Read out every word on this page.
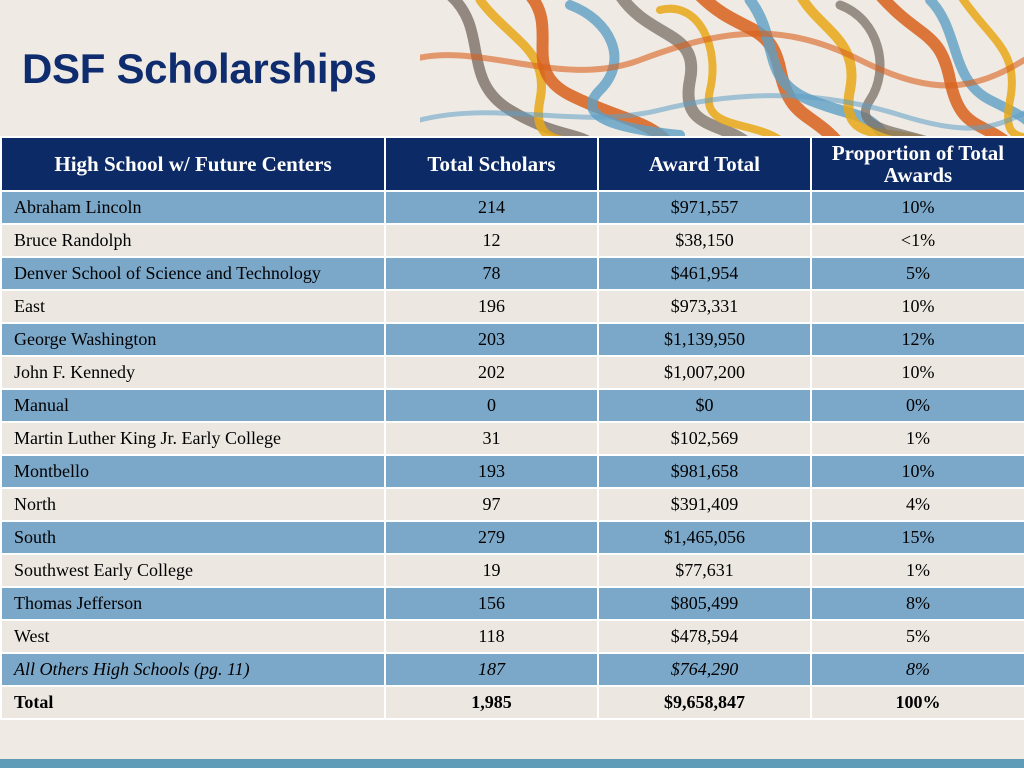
DSF Scholarships
High School w/ Future Centers	Total Scholars	Award Total	Proportion of Total Awards
Abraham Lincoln	214	$971,557	10%
Bruce Randolph	12	$38,150	<1%
Denver School of Science and Technology	78	$461,954	5%
East	196	$973,331	10%
George Washington	203	$1,139,950	12%
John F. Kennedy	202	$1,007,200	10%
Manual	0	$0	0%
Martin Luther King Jr. Early College	31	$102,569	1%
Montbello	193	$981,658	10%
North	97	$391,409	4%
South	279	$1,465,056	15%
Southwest Early College	19	$77,631	1%
Thomas Jefferson	156	$805,499	8%
West	118	$478,594	5%
All Others High Schools (pg. 11)	187	$764,290	8%
Total	1,985	$9,658,847	100%
